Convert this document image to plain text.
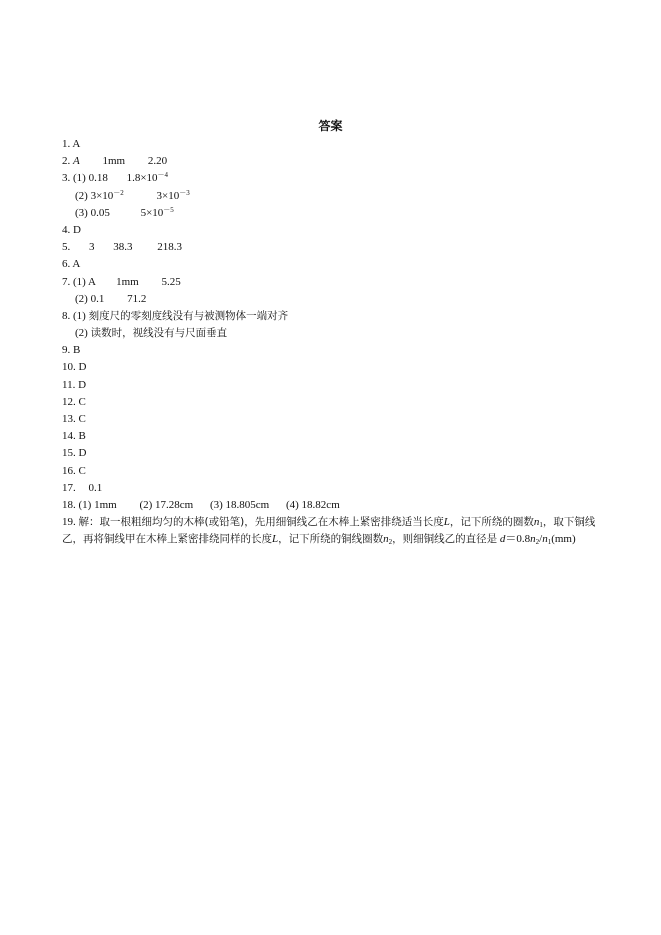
答案
1. A
2. A 1mm 2.20
3. (1) 0.18 $1.8\times 10^{-4}$
(2) $3\times 10^{-2}$	$3\times 10^{-3}$
(3) 0.05	$5\times 10^{-5}$
4. D
5. 3 38.3 218.3
6. A
7. (1) A 1mm 5.25
(2) 0.1 71.2
8. (1) 刻度尺的零刻度线没有与被测物体一端对齐
(2) 读数时，视线没有与尺面垂直
9. B
10. D
11. D
12. C
13. C
14. B
15. D
16. C
17. 0.1
18. (1) 1mm (2) 17.28cm (3) 18.805cm (4) 18.82cm
19. 解：取一根粗细均匀的木棒(或铅笔)，先用细铜线乙在木棒上紧密排绕适当长度L，记下所绕的圈数$n_1$，取下铜线乙，再将铜线甲在木棒上紧密排绕同样的长度L，记下所绕的铜线圈数$n_2$，则细铜线乙的直径是 $d=0.8n_2/n_1(mm)$
